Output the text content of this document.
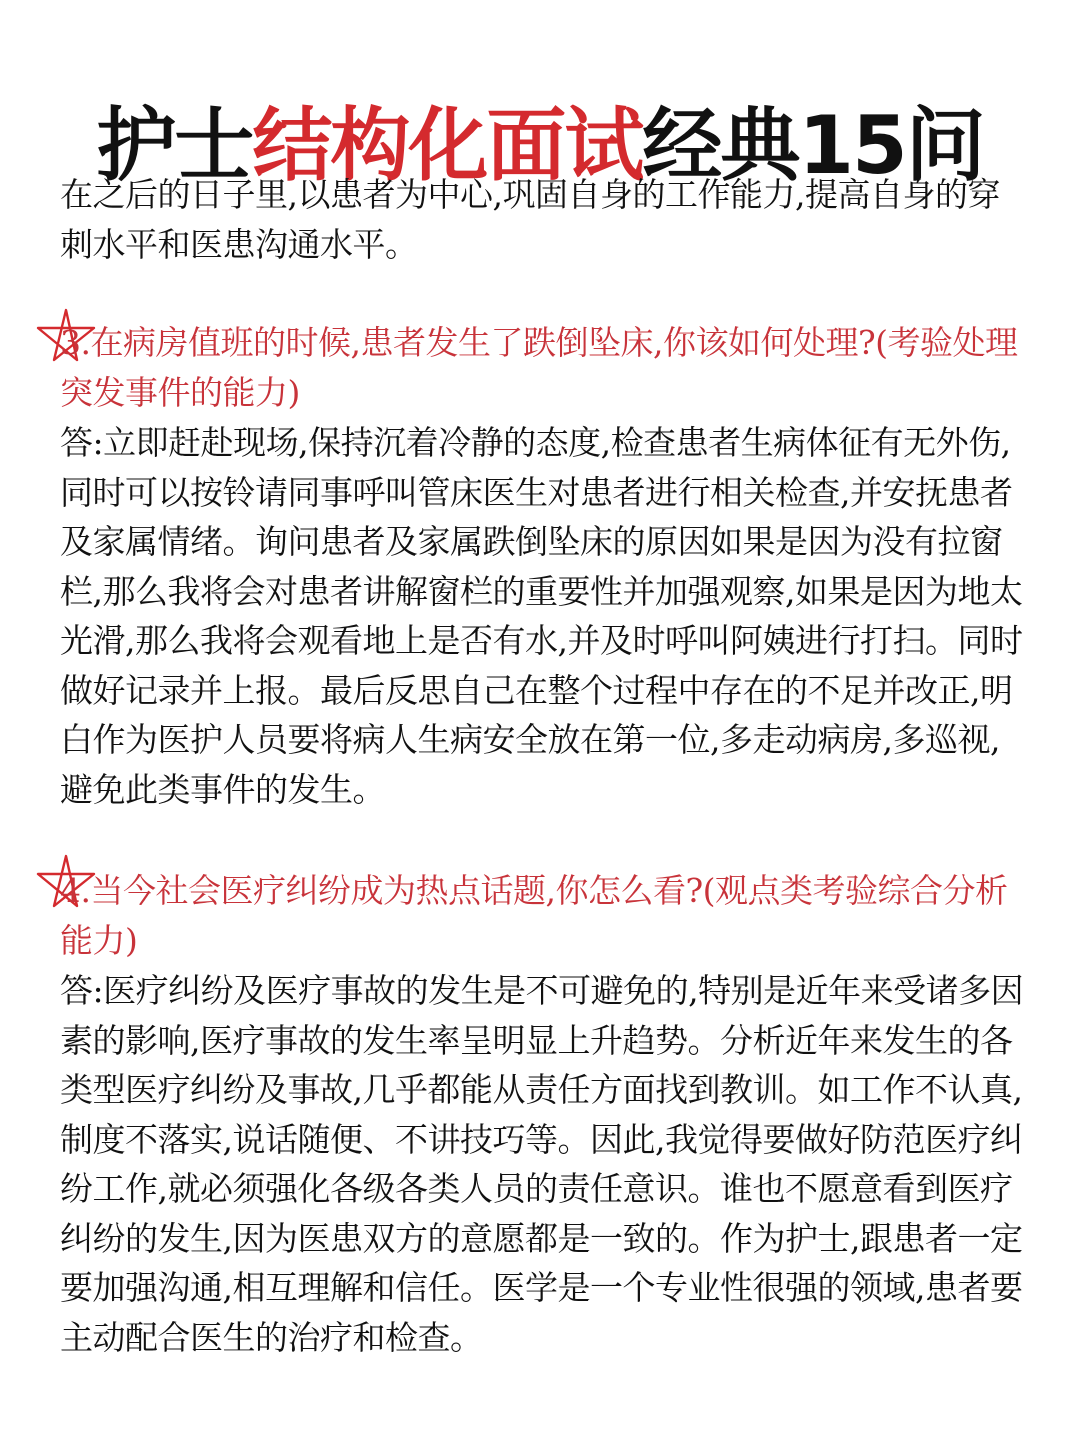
护士结构化面试经典15问
在之后的日子里,以患者为中心,巩固自身的工作能力,提高自身的穿刺水平和医患沟通水平。
3.在病房值班的时候,患者发生了跌倒坠床,你该如何处理?(考验处理突发事件的能力)
答:立即赶赴现场,保持沉着冷静的态度,检查患者生病体征有无外伤,同时可以按铃请同事呼叫管床医生对患者进行相关检查,并安抚患者及家属情绪。询问患者及家属跌倒坠床的原因如果是因为没有拉窗栏,那么我将会对患者讲解窗栏的重要性并加强观察,如果是因为地太光滑,那么我将会观看地上是否有水,并及时呼叫阿姨进行打扫。同时做好记录并上报。最后反思自己在整个过程中存在的不足并改正,明白作为医护人员要将病人生病安全放在第一位,多走动病房,多巡视,避免此类事件的发生。
4.当今社会医疗纠纷成为热点话题,你怎么看?(观点类考验综合分析能力)
答:医疗纠纷及医疗事故的发生是不可避免的,特别是近年来受诸多因素的影响,医疗事故的发生率呈明显上升趋势。分析近年来发生的各类型医疗纠纷及事故,几乎都能从责任方面找到教训。如工作不认真,制度不落实,说话随便、不讲技巧等。因此,我觉得要做好防范医疗纠纷工作,就必须强化各级各类人员的责任意识。谁也不愿意看到医疗纠纷的发生,因为医患双方的意愿都是一致的。作为护士,跟患者一定要加强沟通,相互理解和信任。医学是一个专业性很强的领域,患者要主动配合医生的治疗和检查。
